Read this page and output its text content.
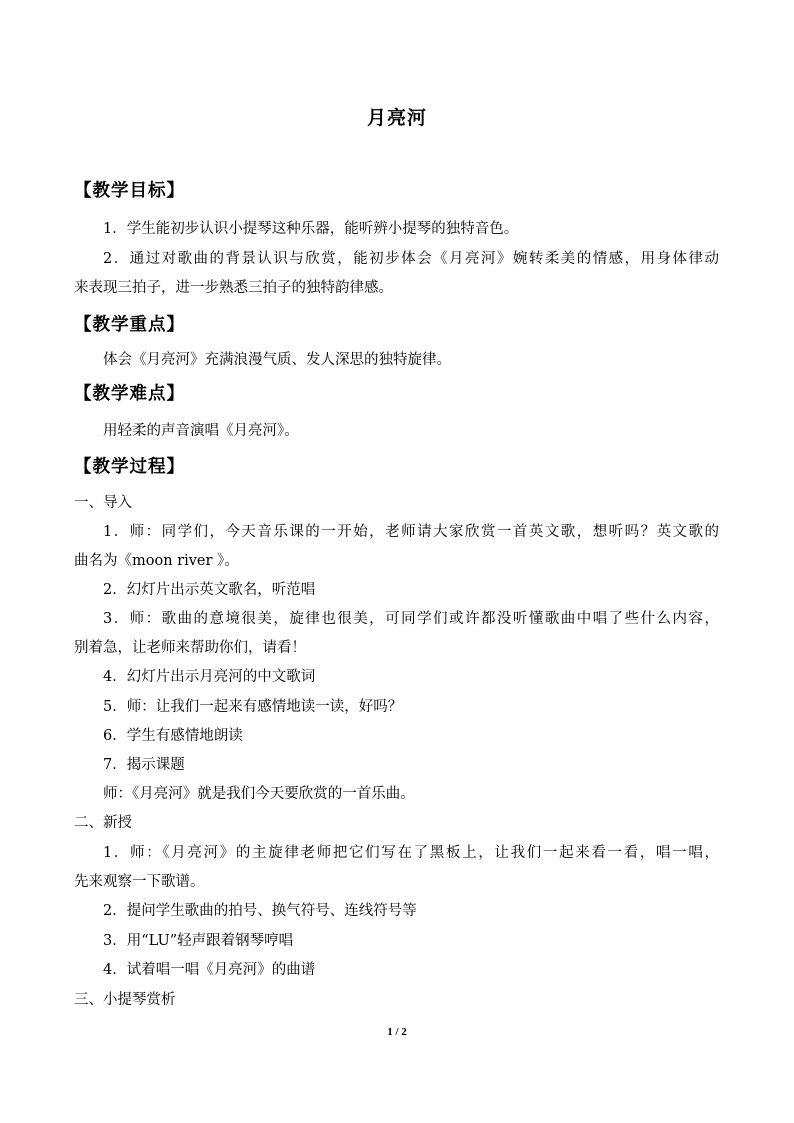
月亮河
【教学目标】
1．学生能初步认识小提琴这种乐器，能听辨小提琴的独特音色。
2．通过对歌曲的背景认识与欣赏，能初步体会《月亮河》婉转柔美的情感，用身体律动
来表现三拍子，进一步熟悉三拍子的独特韵律感。
【教学重点】
体会《月亮河》充满浪漫气质、发人深思的独特旋律。
【教学难点】
用轻柔的声音演唱《月亮河》。
【教学过程】
一、导入
1．师：同学们，今天音乐课的一开始，老师请大家欣赏一首英文歌，想听吗？英文歌的
曲名为《moon river 》。
2．幻灯片出示英文歌名，听范唱
3．师：歌曲的意境很美，旋律也很美，可同学们或许都没听懂歌曲中唱了些什么内容，
别着急，让老师来帮助你们，请看！
4．幻灯片出示月亮河的中文歌词
5．师：让我们一起来有感情地读一读，好吗？
6．学生有感情地朗读
7．揭示课题
师：《月亮河》就是我们今天要欣赏的一首乐曲。
二、新授
1．师：《月亮河》的主旋律老师把它们写在了黑板上，让我们一起来看一看，唱一唱，
先来观察一下歌谱。
2．提问学生歌曲的拍号、换气符号、连线符号等
3．用“LU”轻声跟着钢琴哼唱
4．试着唱一唱《月亮河》的曲谱
三、小提琴赏析
1 / 2
